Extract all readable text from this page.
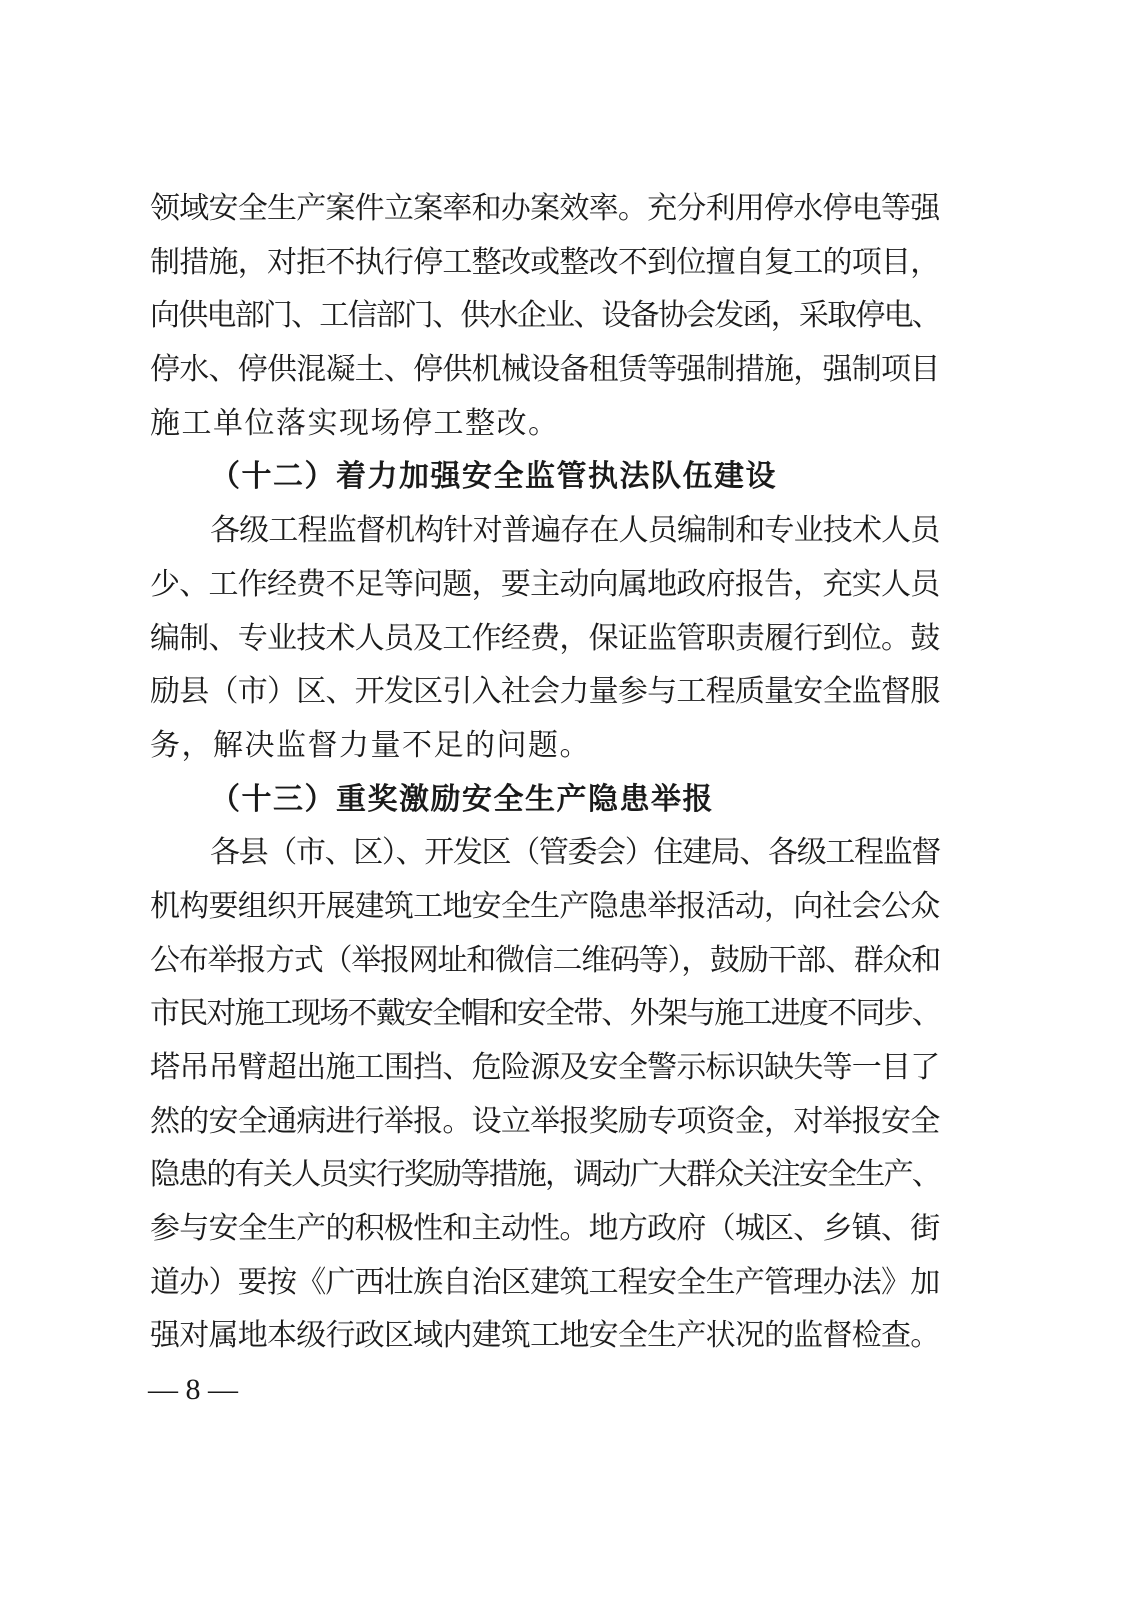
领域安全生产案件立案率和办案效率。充分利用停水停电等强
制措施，对拒不执行停工整改或整改不到位擅自复工的项目，
向供电部门、工信部门、供水企业、设备协会发函，采取停电、
停水、停供混凝土、停供机械设备租赁等强制措施，强制项目
施工单位落实现场停工整改。
（十二）着力加强安全监管执法队伍建设
各级工程监督机构针对普遍存在人员编制和专业技术人员
少、工作经费不足等问题，要主动向属地政府报告，充实人员
编制、专业技术人员及工作经费，保证监管职责履行到位。鼓
励县（市）区、开发区引入社会力量参与工程质量安全监督服
务，解决监督力量不足的问题。
（十三）重奖激励安全生产隐患举报
各县（市、区）、开发区（管委会）住建局、各级工程监督
机构要组织开展建筑工地安全生产隐患举报活动，向社会公众
公布举报方式（举报网址和微信二维码等），鼓励干部、群众和
市民对施工现场不戴安全帽和安全带、外架与施工进度不同步、
塔吊吊臂超出施工围挡、危险源及安全警示标识缺失等一目了
然的安全通病进行举报。设立举报奖励专项资金，对举报安全
隐患的有关人员实行奖励等措施，调动广大群众关注安全生产、
参与安全生产的积极性和主动性。地方政府（城区、乡镇、街
道办）要按《广西壮族自治区建筑工程安全生产管理办法》加
强对属地本级行政区域内建筑工地安全生产状况的监督检查。
— 8 —
